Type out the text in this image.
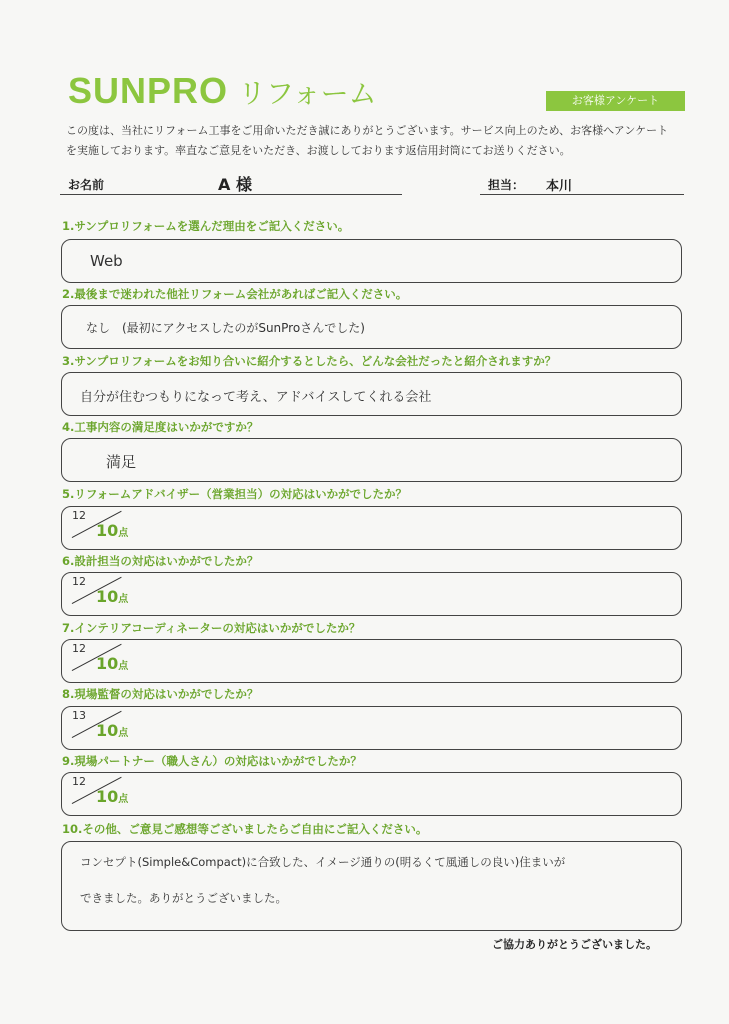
SUNPRO リフォーム	お客様アンケート
この度は、当社にリフォーム工事をご用命いただき誠にありがとうございます。サービス向上のため、お客様へアンケート
を実施しております。率直なご意見をいただき、お渡ししております返信用封筒にてお送りください。
お名前	A 様	担当： 本川
1.サンプロリフォームを選んだ理由をご記入ください。
Web
2.最後まで迷われた他社リフォーム会社があればご記入ください。
なし　(最初にアクセスしたのがSunProさんでした)
3.サンプロリフォームをお知り合いに紹介するとしたら、どんな会社だったと紹介されますか？
自分が住むつもりになって考え、アドバイスしてくれる会社
4.工事内容の満足度はいかがですか？
満足
5.リフォームアドバイザー（営業担当）の対応はいかがでしたか？
12
10点
6.設計担当の対応はいかがでしたか？
12
10点
7.インテリアコーディネーターの対応はいかがでしたか？
12
10点
8.現場監督の対応はいかがでしたか？
13
10点
9.現場パートナー（職人さん）の対応はいかがでしたか？
12
10点
10.その他、ご意見ご感想等ございましたらご自由にご記入ください。
コンセプト(Simple&Compact)に合致した、イメージ通りの(明るくて風通しの良い)住まいが
できました。ありがとうございました。
ご協力ありがとうございました。
